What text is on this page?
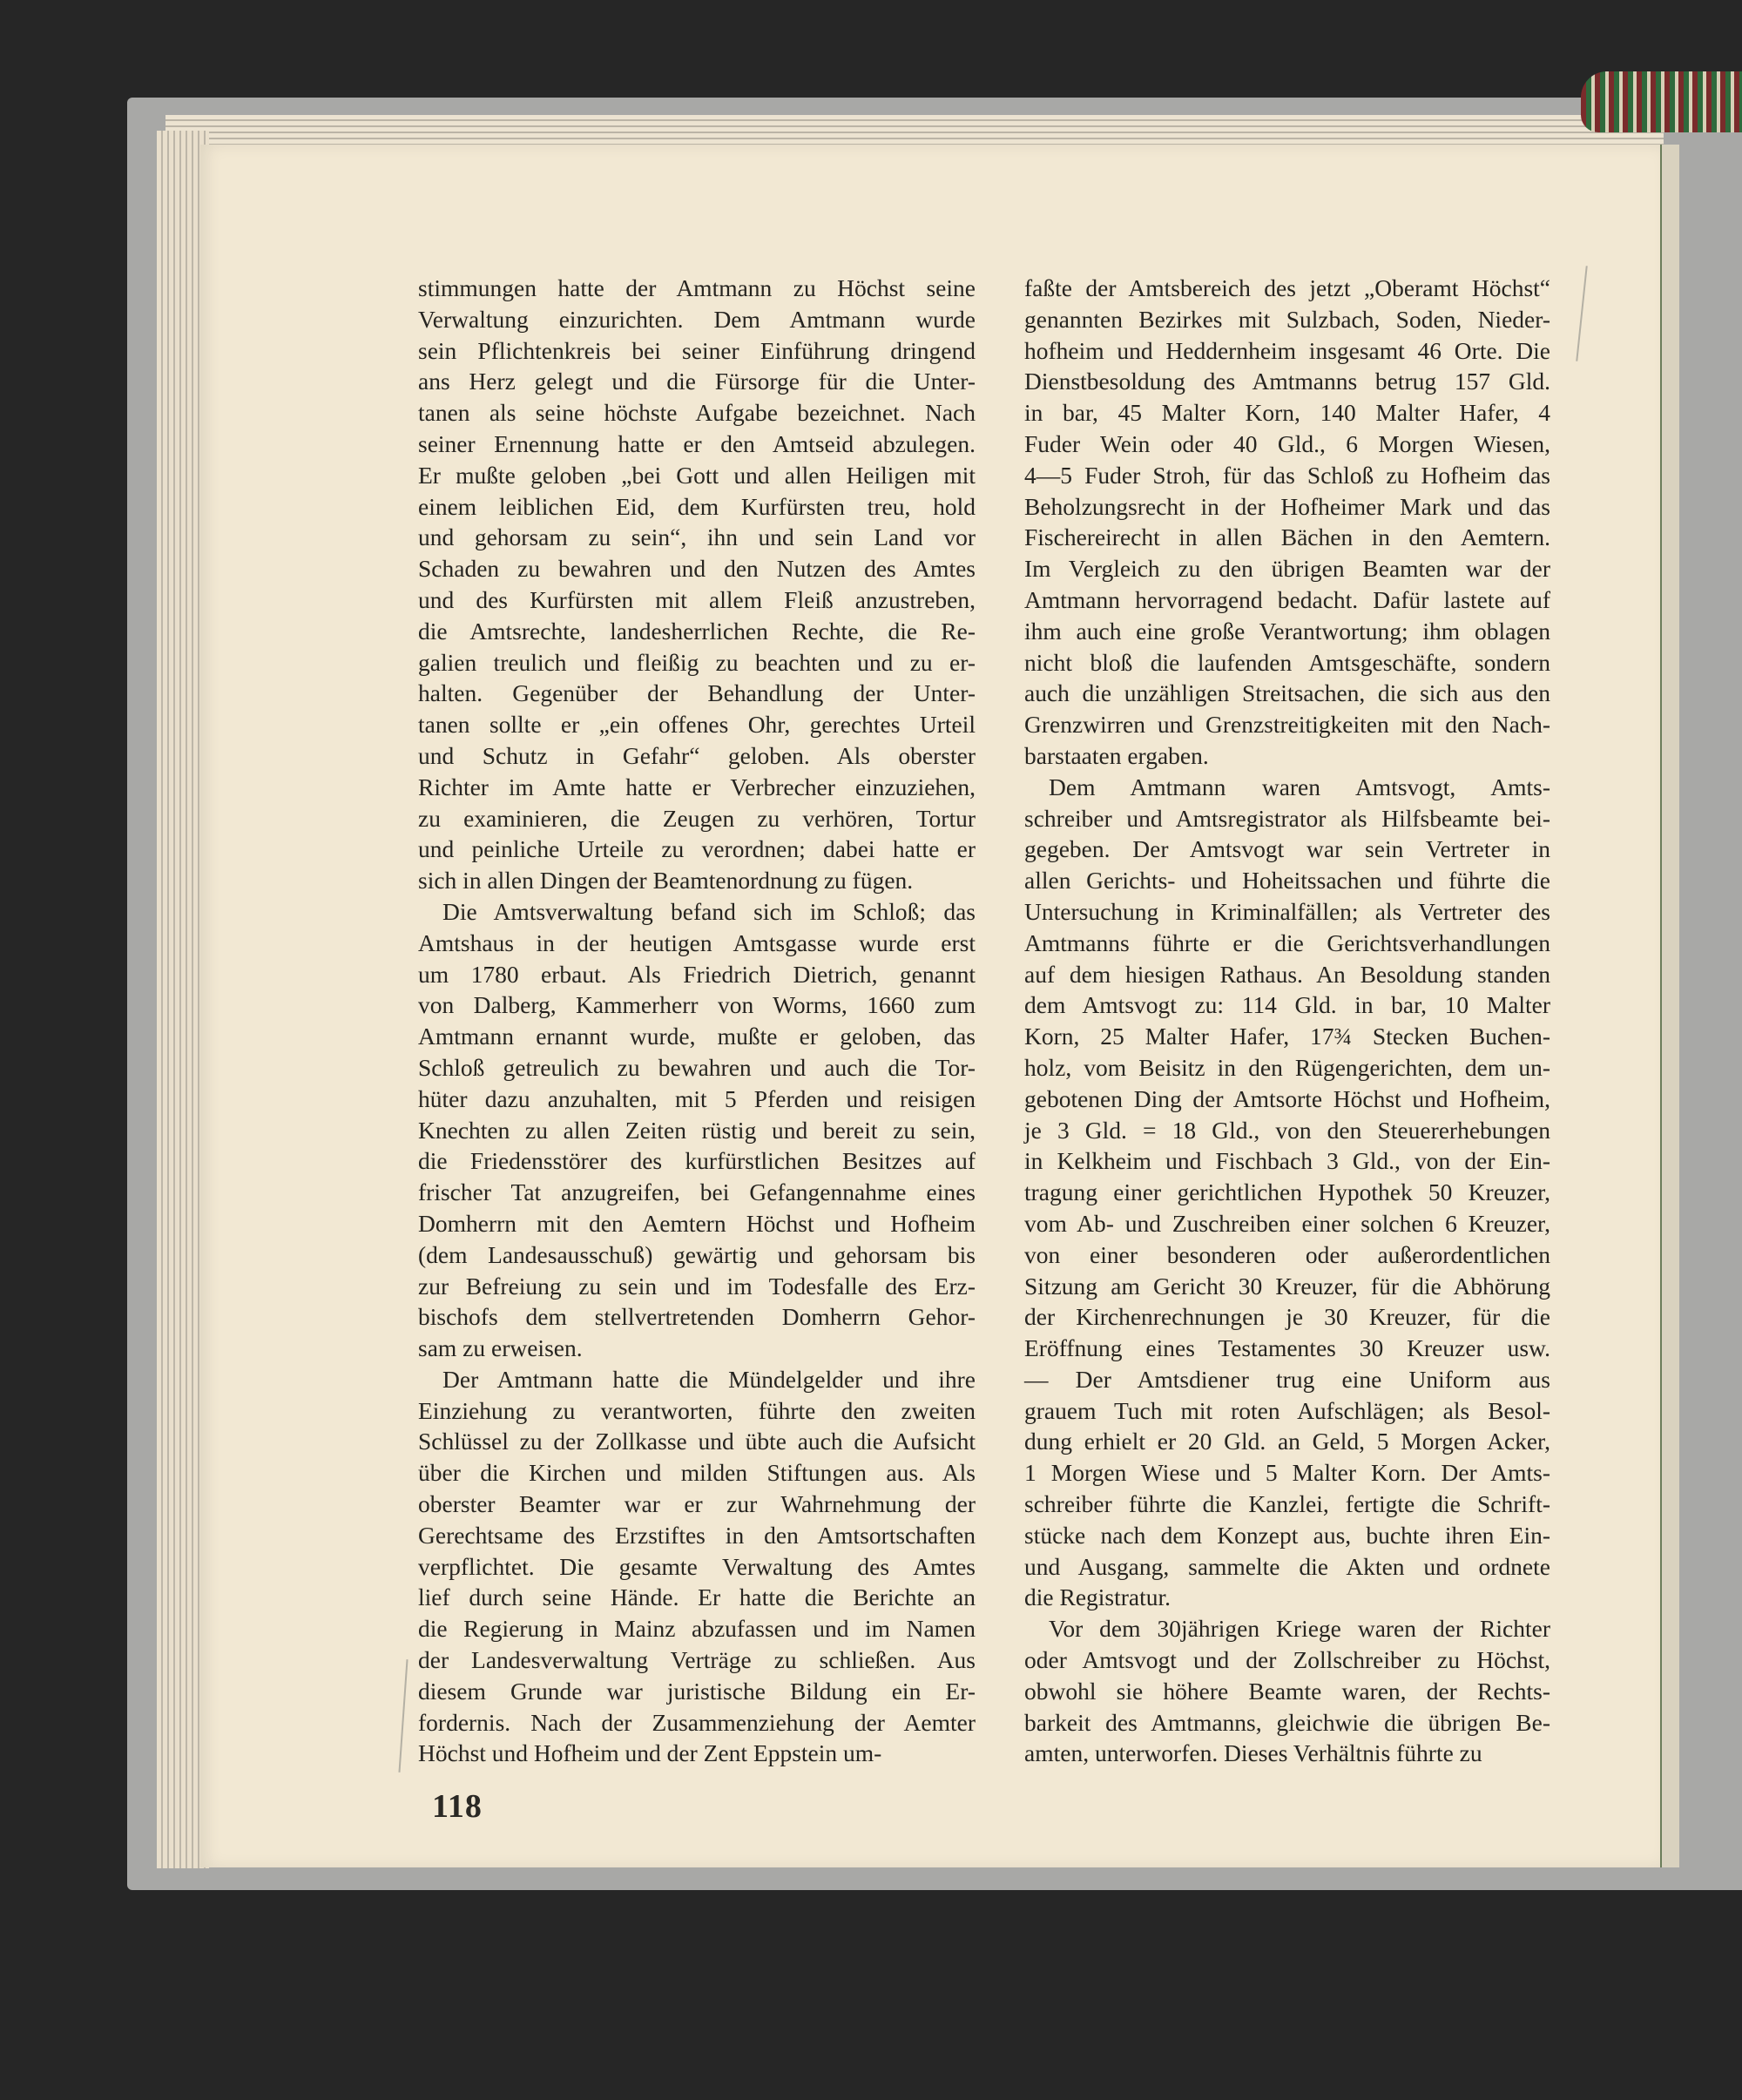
stimmungen hatte der Amtmann zu Höchst seine
Verwaltung einzurichten. Dem Amtmann wurde
sein Pflichtenkreis bei seiner Einführung dringend
ans Herz gelegt und die Fürsorge für die Unter-
tanen als seine höchste Aufgabe bezeichnet. Nach
seiner Ernennung hatte er den Amtseid abzulegen.
Er mußte geloben „bei Gott und allen Heiligen mit
einem leiblichen Eid, dem Kurfürsten treu, hold
und gehorsam zu sein“, ihn und sein Land vor
Schaden zu bewahren und den Nutzen des Amtes
und des Kurfürsten mit allem Fleiß anzustreben,
die Amtsrechte, landesherrlichen Rechte, die Re-
galien treulich und fleißig zu beachten und zu er-
halten. Gegenüber der Behandlung der Unter-
tanen sollte er „ein offenes Ohr, gerechtes Urteil
und Schutz in Gefahr“ geloben. Als oberster
Richter im Amte hatte er Verbrecher einzuziehen,
zu examinieren, die Zeugen zu verhören, Tortur
und peinliche Urteile zu verordnen; dabei hatte er
sich in allen Dingen der Beamtenordnung zu fügen.
Die Amtsverwaltung befand sich im Schloß; das
Amtshaus in der heutigen Amtsgasse wurde erst
um 1780 erbaut. Als Friedrich Dietrich, genannt
von Dalberg, Kammerherr von Worms, 1660 zum
Amtmann ernannt wurde, mußte er geloben, das
Schloß getreulich zu bewahren und auch die Tor-
hüter dazu anzuhalten, mit 5 Pferden und reisigen
Knechten zu allen Zeiten rüstig und bereit zu sein,
die Friedensstörer des kurfürstlichen Besitzes auf
frischer Tat anzugreifen, bei Gefangennahme eines
Domherrn mit den Aemtern Höchst und Hofheim
(dem Landesausschuß) gewärtig und gehorsam bis
zur Befreiung zu sein und im Todesfalle des Erz-
bischofs dem stellvertretenden Domherrn Gehor-
sam zu erweisen.
Der Amtmann hatte die Mündelgelder und ihre
Einziehung zu verantworten, führte den zweiten
Schlüssel zu der Zollkasse und übte auch die Aufsicht
über die Kirchen und milden Stiftungen aus. Als
oberster Beamter war er zur Wahrnehmung der
Gerechtsame des Erzstiftes in den Amtsortschaften
verpflichtet. Die gesamte Verwaltung des Amtes
lief durch seine Hände. Er hatte die Berichte an
die Regierung in Mainz abzufassen und im Namen
der Landesverwaltung Verträge zu schließen. Aus
diesem Grunde war juristische Bildung ein Er-
fordernis. Nach der Zusammenziehung der Aemter
Höchst und Hofheim und der Zent Eppstein um-
faßte der Amtsbereich des jetzt „Oberamt Höchst“
genannten Bezirkes mit Sulzbach, Soden, Nieder-
hofheim und Heddernheim insgesamt 46 Orte. Die
Dienstbesoldung des Amtmanns betrug 157 Gld.
in bar, 45 Malter Korn, 140 Malter Hafer, 4
Fuder Wein oder 40 Gld., 6 Morgen Wiesen,
4—5 Fuder Stroh, für das Schloß zu Hofheim das
Beholzungsrecht in der Hofheimer Mark und das
Fischereirecht in allen Bächen in den Aemtern.
Im Vergleich zu den übrigen Beamten war der
Amtmann hervorragend bedacht. Dafür lastete auf
ihm auch eine große Verantwortung; ihm oblagen
nicht bloß die laufenden Amtsgeschäfte, sondern
auch die unzähligen Streitsachen, die sich aus den
Grenzwirren und Grenzstreitigkeiten mit den Nach-
barstaaten ergaben.
Dem Amtmann waren Amtsvogt, Amts-
schreiber und Amtsregistrator als Hilfsbeamte bei-
gegeben. Der Amtsvogt war sein Vertreter in
allen Gerichts- und Hoheitssachen und führte die
Untersuchung in Kriminalfällen; als Vertreter des
Amtmanns führte er die Gerichtsverhandlungen
auf dem hiesigen Rathaus. An Besoldung standen
dem Amtsvogt zu: 114 Gld. in bar, 10 Malter
Korn, 25 Malter Hafer, 17¾ Stecken Buchen-
holz, vom Beisitz in den Rügengerichten, dem un-
gebotenen Ding der Amtsorte Höchst und Hofheim,
je 3 Gld. = 18 Gld., von den Steuererhebungen
in Kelkheim und Fischbach 3 Gld., von der Ein-
tragung einer gerichtlichen Hypothek 50 Kreuzer,
vom Ab- und Zuschreiben einer solchen 6 Kreuzer,
von einer besonderen oder außerordentlichen
Sitzung am Gericht 30 Kreuzer, für die Abhörung
der Kirchenrechnungen je 30 Kreuzer, für die
Eröffnung eines Testamentes 30 Kreuzer usw.
— Der Amtsdiener trug eine Uniform aus
grauem Tuch mit roten Aufschlägen; als Besol-
dung erhielt er 20 Gld. an Geld, 5 Morgen Acker,
1 Morgen Wiese und 5 Malter Korn. Der Amts-
schreiber führte die Kanzlei, fertigte die Schrift-
stücke nach dem Konzept aus, buchte ihren Ein-
und Ausgang, sammelte die Akten und ordnete
die Registratur.
Vor dem 30jährigen Kriege waren der Richter
oder Amtsvogt und der Zollschreiber zu Höchst,
obwohl sie höhere Beamte waren, der Rechts-
barkeit des Amtmanns, gleichwie die übrigen Be-
amten, unterworfen. Dieses Verhältnis führte zu
118
